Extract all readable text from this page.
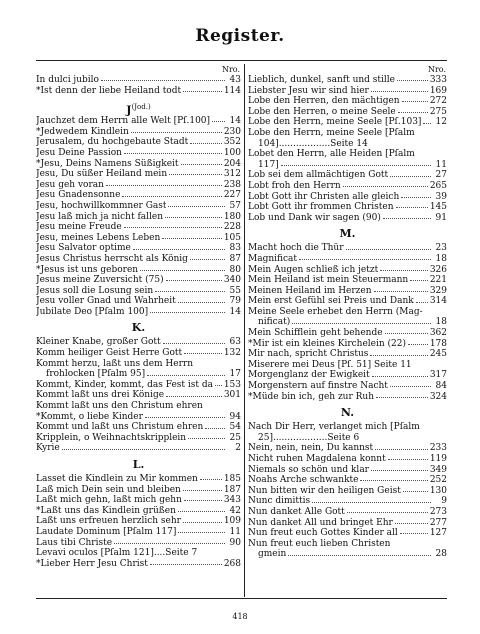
Register.
Nro.
In dulci jubilo	43
*Ist denn der liebe Heiland todt	114
$J^{(Jod.)}$
Jauchzet dem Herrn alle Welt [Pſ.100] 14
*Jedwedem Kindlein	230
Jerusalem, du hochgebaute Stadt	352
Jesu Deine Passion	100
*Jesu, Deins Namens Süßigkeit	204
Jesu, Du süßer Heiland mein	312
Jesu geh voran	238
Jesu Gnadensonne	227
Jesu, hochwillkommner Gast	57
Jesu laß mich ja nicht fallen	180
Jesu meine Freude	228
Jesu, meines Lebens Leben	105
Jesu Salvator optime	83
Jesus Christus herrscht als König	87
*Jesus ist uns geboren	80
Jesus meine Zuversicht (75)	340
Jesus soll die Losung sein	55
Jesu voller Gnad und Wahrheit	79
Jubilate Deo [Pſalm 100]	14
K.
Kleiner Knabe, großer Gott	63
Komm heiliger Geist Herre Gott	132
Kommt herzu, laßt uns dem Herrn
frohlocken [Pſalm 95]	17
Kommt, Kinder, kommt, das Fest ist da 153
Kommt laßt uns drei Könige	301
Kommt laßt uns den Christum ehren
*Kommt, o liebe Kinder	94
Kommt und laßt uns Christum ehren	54
Kripplein, o Weihnachtskripplein	25
Kyrie	2
L.
Lasset die Kindlein zu Mir kommen	185
Laß mich Dein sein und bleiben	187
Laßt mich gehn, laßt mich gehn	343
*Laßt uns das Kindlein grüßen	42
Laßt uns erfreuen herzlich sehr	109
Laudate Dominum [Pſalm 117]	11
Laus tibi Christe	90
Levavi oculos [Pſalm 121]....Seite 7
*Lieber Herr Jesu Christ	268
Nro.
Lieblich, dunkel, sanft und stille	333
Liebster Jesu wir sind hier	169
Lobe den Herren, den mächtigen	272
Lobe den Herren, o meine Seele	275
Lobe den Herrn, meine Seele [Pſ.103] 12
Lobe den Herrn, meine Seele [Pſalm
104]..................Seite 14
Lobet den Herrn, alle Heiden [Pſalm
117]	11
Lob sei dem allmächtigen Gott	27
Lobt froh den Herrn	265
Lobt Gott ihr Christen alle gleich	39
Lobt Gott ihr frommen Christen	145
Lob und Dank wir sagen (90)	91
M.
Macht hoch die Thür	23
Magnificat	18
Mein Augen schließ ich jetzt	326
Mein Heiland ist mein Steuermann 221
Meinen Heiland im Herzen	329
Mein erst Gefühl sei Preis und Dank 314
Meine Seele erhebet den Herrn (Mag-
nificat)	18
Mein Schifflein geht behende	362
*Mir ist ein kleines Kirchelein (22)	178
Mir nach, spricht Christus	245
Miserere mei Deus [Pſ. 51] Seite 11
Morgenglanz der Ewigkeit	317
Morgenstern auf finstre Nacht	84
*Müde bin ich, geh zur Ruh	324
N.
Nach Dir Herr, verlanget mich [Pſalm
25]...................Seite 6
Nein, nein, nein, Du kannst	233
Nicht ruhen Magdalena konnt	119
Niemals so schön und klar	349
Noahs Arche schwankte	252
Nun bitten wir den heiligen Geist	130
Nunc dimittis	9
Nun danket Alle Gott	273
Nun danket All und bringet Ehr	277
Nun freut euch Gottes Kinder all	127
Nun freut euch lieben Christen
gmein	28
418
